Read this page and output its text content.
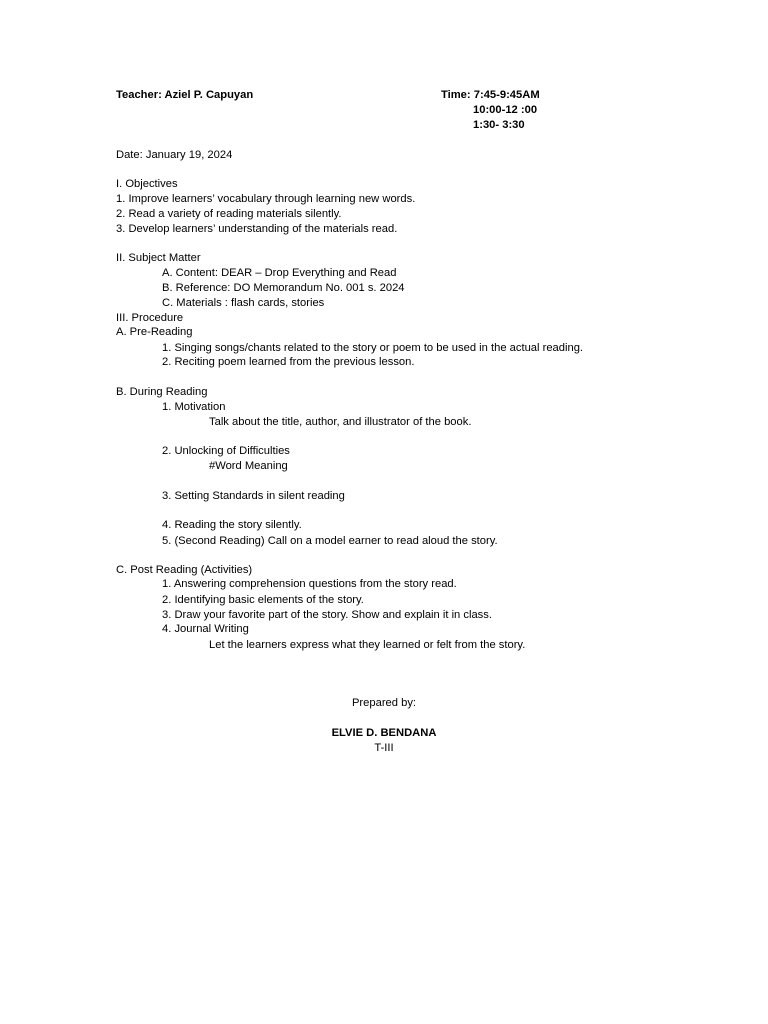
Teacher: Aziel P. Capuyan	Time: 7:45-9:45AM
10:00-12 :00
1:30- 3:30
Date: January 19, 2024
I. Objectives
1. Improve learners’ vocabulary through learning new words.
2. Read a variety of reading materials silently.
3. Develop learners’ understanding of the materials read.
II. Subject Matter
A. Content: DEAR – Drop Everything and Read
B. Reference: DO Memorandum No. 001 s. 2024
C. Materials : flash cards, stories
III. Procedure
A. Pre-Reading
1. Singing songs/chants related to the story or poem to be used in the actual reading.
2. Reciting poem learned from the previous lesson.
B. During Reading
1. Motivation
Talk about the title, author, and illustrator of the book.
2. Unlocking of Difficulties
#Word Meaning
3. Setting Standards in silent reading
4. Reading the story silently.
5. (Second Reading) Call on a model earner to read aloud the story.
C. Post Reading (Activities)
1. Answering comprehension questions from the story read.
2. Identifying basic elements of the story.
3. Draw your favorite part of the story. Show and explain it in class.
4. Journal Writing
Let the learners express what they learned or felt from the story.
Prepared by:
ELVIE D. BENDANA
T-III
